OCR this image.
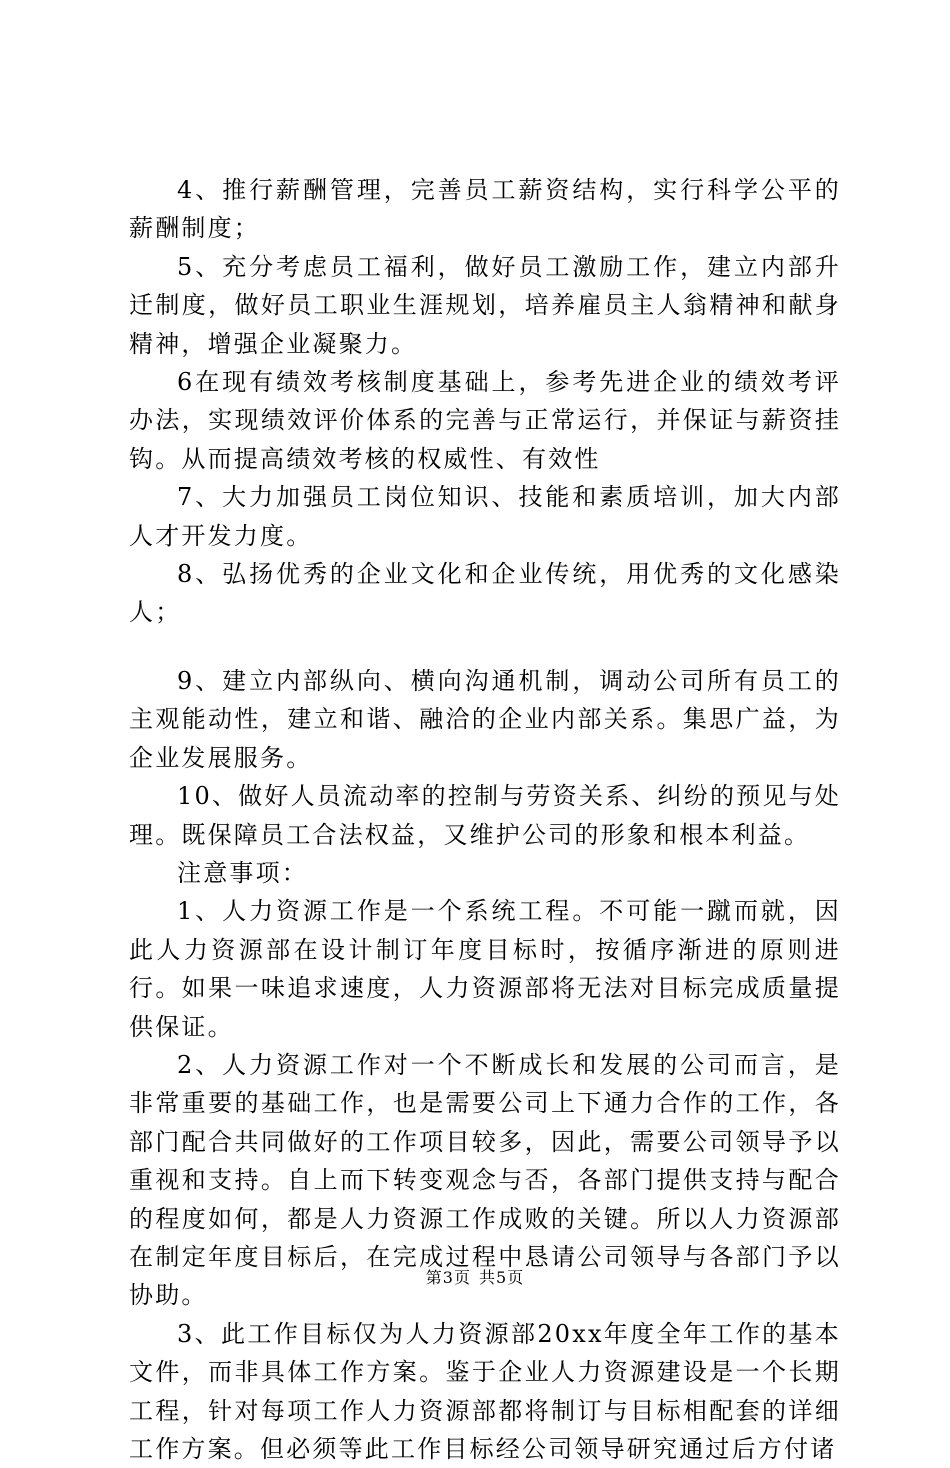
4、推行薪酬管理，完善员工薪资结构，实行科学公平的薪酬制度；

5、充分考虑员工福利，做好员工激励工作，建立内部升迁制度，做好员工职业生涯规划，培养雇员主人翁精神和献身精神，增强企业凝聚力。

6在现有绩效考核制度基础上，参考先进企业的绩效考评办法，实现绩效评价体系的完善与正常运行，并保证与薪资挂钩。从而提高绩效考核的权威性、有效性

7、大力加强员工岗位知识、技能和素质培训，加大内部人才开发力度。

8、弘扬优秀的企业文化和企业传统，用优秀的文化感染人；

9、建立内部纵向、横向沟通机制，调动公司所有员工的主观能动性，建立和谐、融洽的企业内部关系。集思广益，为企业发展服务。

10、做好人员流动率的控制与劳资关系、纠纷的预见与处理。既保障员工合法权益，又维护公司的形象和根本利益。

注意事项：

1、人力资源工作是一个系统工程。不可能一蹴而就，因此人力资源部在设计制订年度目标时，按循序渐进的原则进行。如果一味追求速度，人力资源部将无法对目标完成质量提供保证。

2、人力资源工作对一个不断成长和发展的公司而言，是非常重要的基础工作，也是需要公司上下通力合作的工作，各部门配合共同做好的工作项目较多，因此，需要公司领导予以重视和支持。自上而下转变观念与否，各部门提供支持与配合的程度如何，都是人力资源工作成败的关键。所以人力资源部在制定年度目标后，在完成过程中恳请公司领导与各部门予以协助。

3、此工作目标仅为人力资源部20xx年度全年工作的基本文件，而非具体工作方案。鉴于企业人力资源建设是一个长期工程，针对每项工作人力资源部都将制订与目标相配套的详细工作方案。但必须等此工作目标经公司领导研究通过后方付诸

第3页 共5页
